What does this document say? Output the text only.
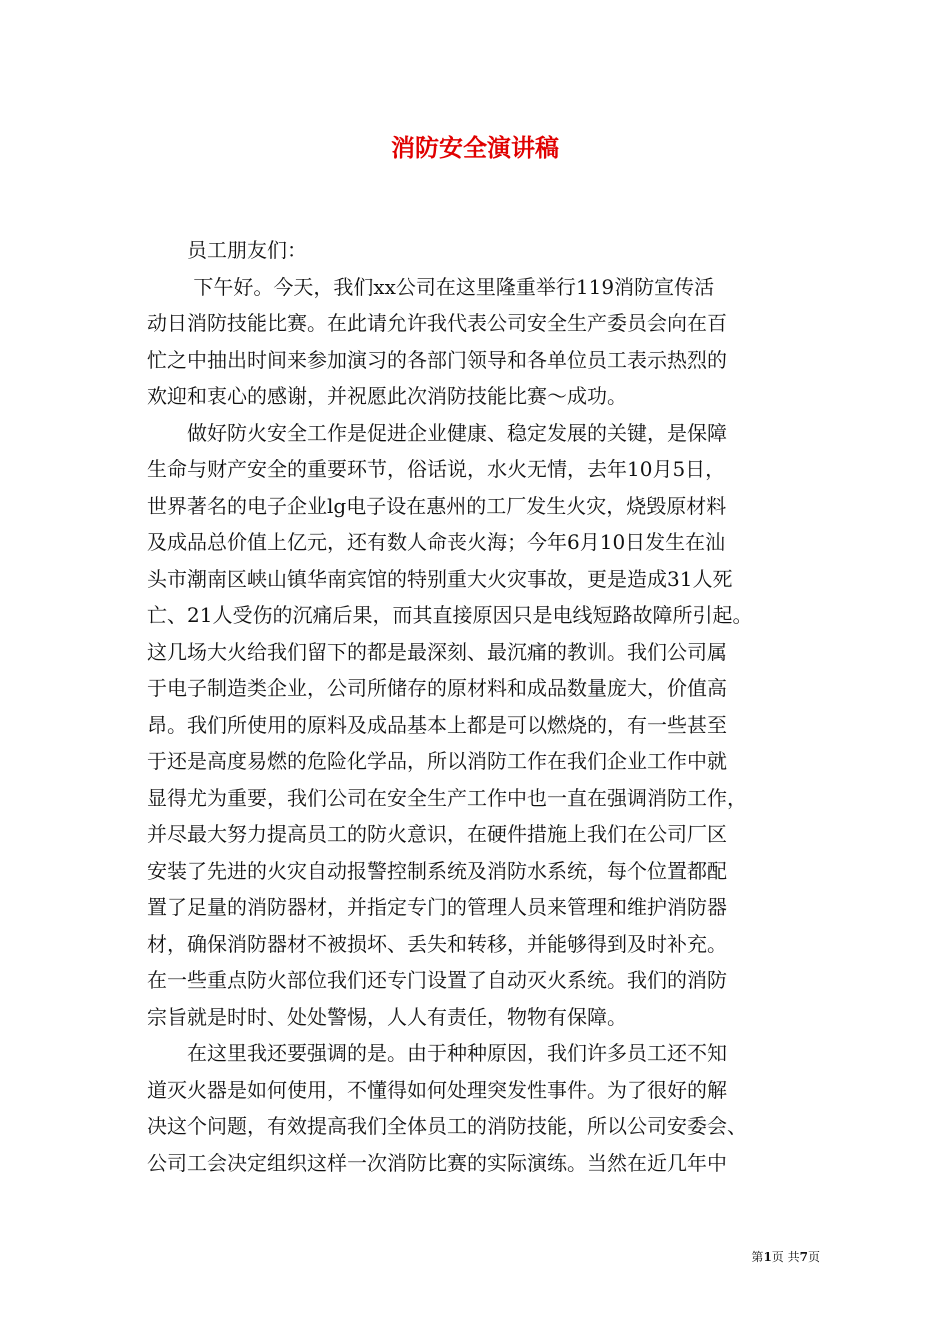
消防安全演讲稿
　　员工朋友们：
　　 下午好。今天，我们xx公司在这里隆重举行119消防宣传活
动日消防技能比赛。在此请允许我代表公司安全生产委员会向在百
忙之中抽出时间来参加演习的各部门领导和各单位员工表示热烈的
欢迎和衷心的感谢，并祝愿此次消防技能比赛～成功。
　　做好防火安全工作是促进企业健康、稳定发展的关键，是保障
生命与财产安全的重要环节，俗话说，水火无情，去年10月5日，
世界著名的电子企业lg电子设在惠州的工厂发生火灾，烧毁原材料
及成品总价值上亿元，还有数人命丧火海；今年6月10日发生在汕
头市潮南区峡山镇华南宾馆的特别重大火灾事故，更是造成31人死
亡、21人受伤的沉痛后果，而其直接原因只是电线短路故障所引起。
这几场大火给我们留下的都是最深刻、最沉痛的教训。我们公司属
于电子制造类企业，公司所储存的原材料和成品数量庞大，价值高
昂。我们所使用的原料及成品基本上都是可以燃烧的，有一些甚至
于还是高度易燃的危险化学品，所以消防工作在我们企业工作中就
显得尤为重要，我们公司在安全生产工作中也一直在强调消防工作，
并尽最大努力提高员工的防火意识，在硬件措施上我们在公司厂区
安装了先进的火灾自动报警控制系统及消防水系统，每个位置都配
置了足量的消防器材，并指定专门的管理人员来管理和维护消防器
材，确保消防器材不被损坏、丢失和转移，并能够得到及时补充。
在一些重点防火部位我们还专门设置了自动灭火系统。我们的消防
宗旨就是时时、处处警惕，人人有责任，物物有保障。
　　在这里我还要强调的是。由于种种原因，我们许多员工还不知
道灭火器是如何使用，不懂得如何处理突发性事件。为了很好的解
决这个问题，有效提高我们全体员工的消防技能，所以公司安委会、
公司工会决定组织这样一次消防比赛的实际演练。当然在近几年中
第1页 共7页
